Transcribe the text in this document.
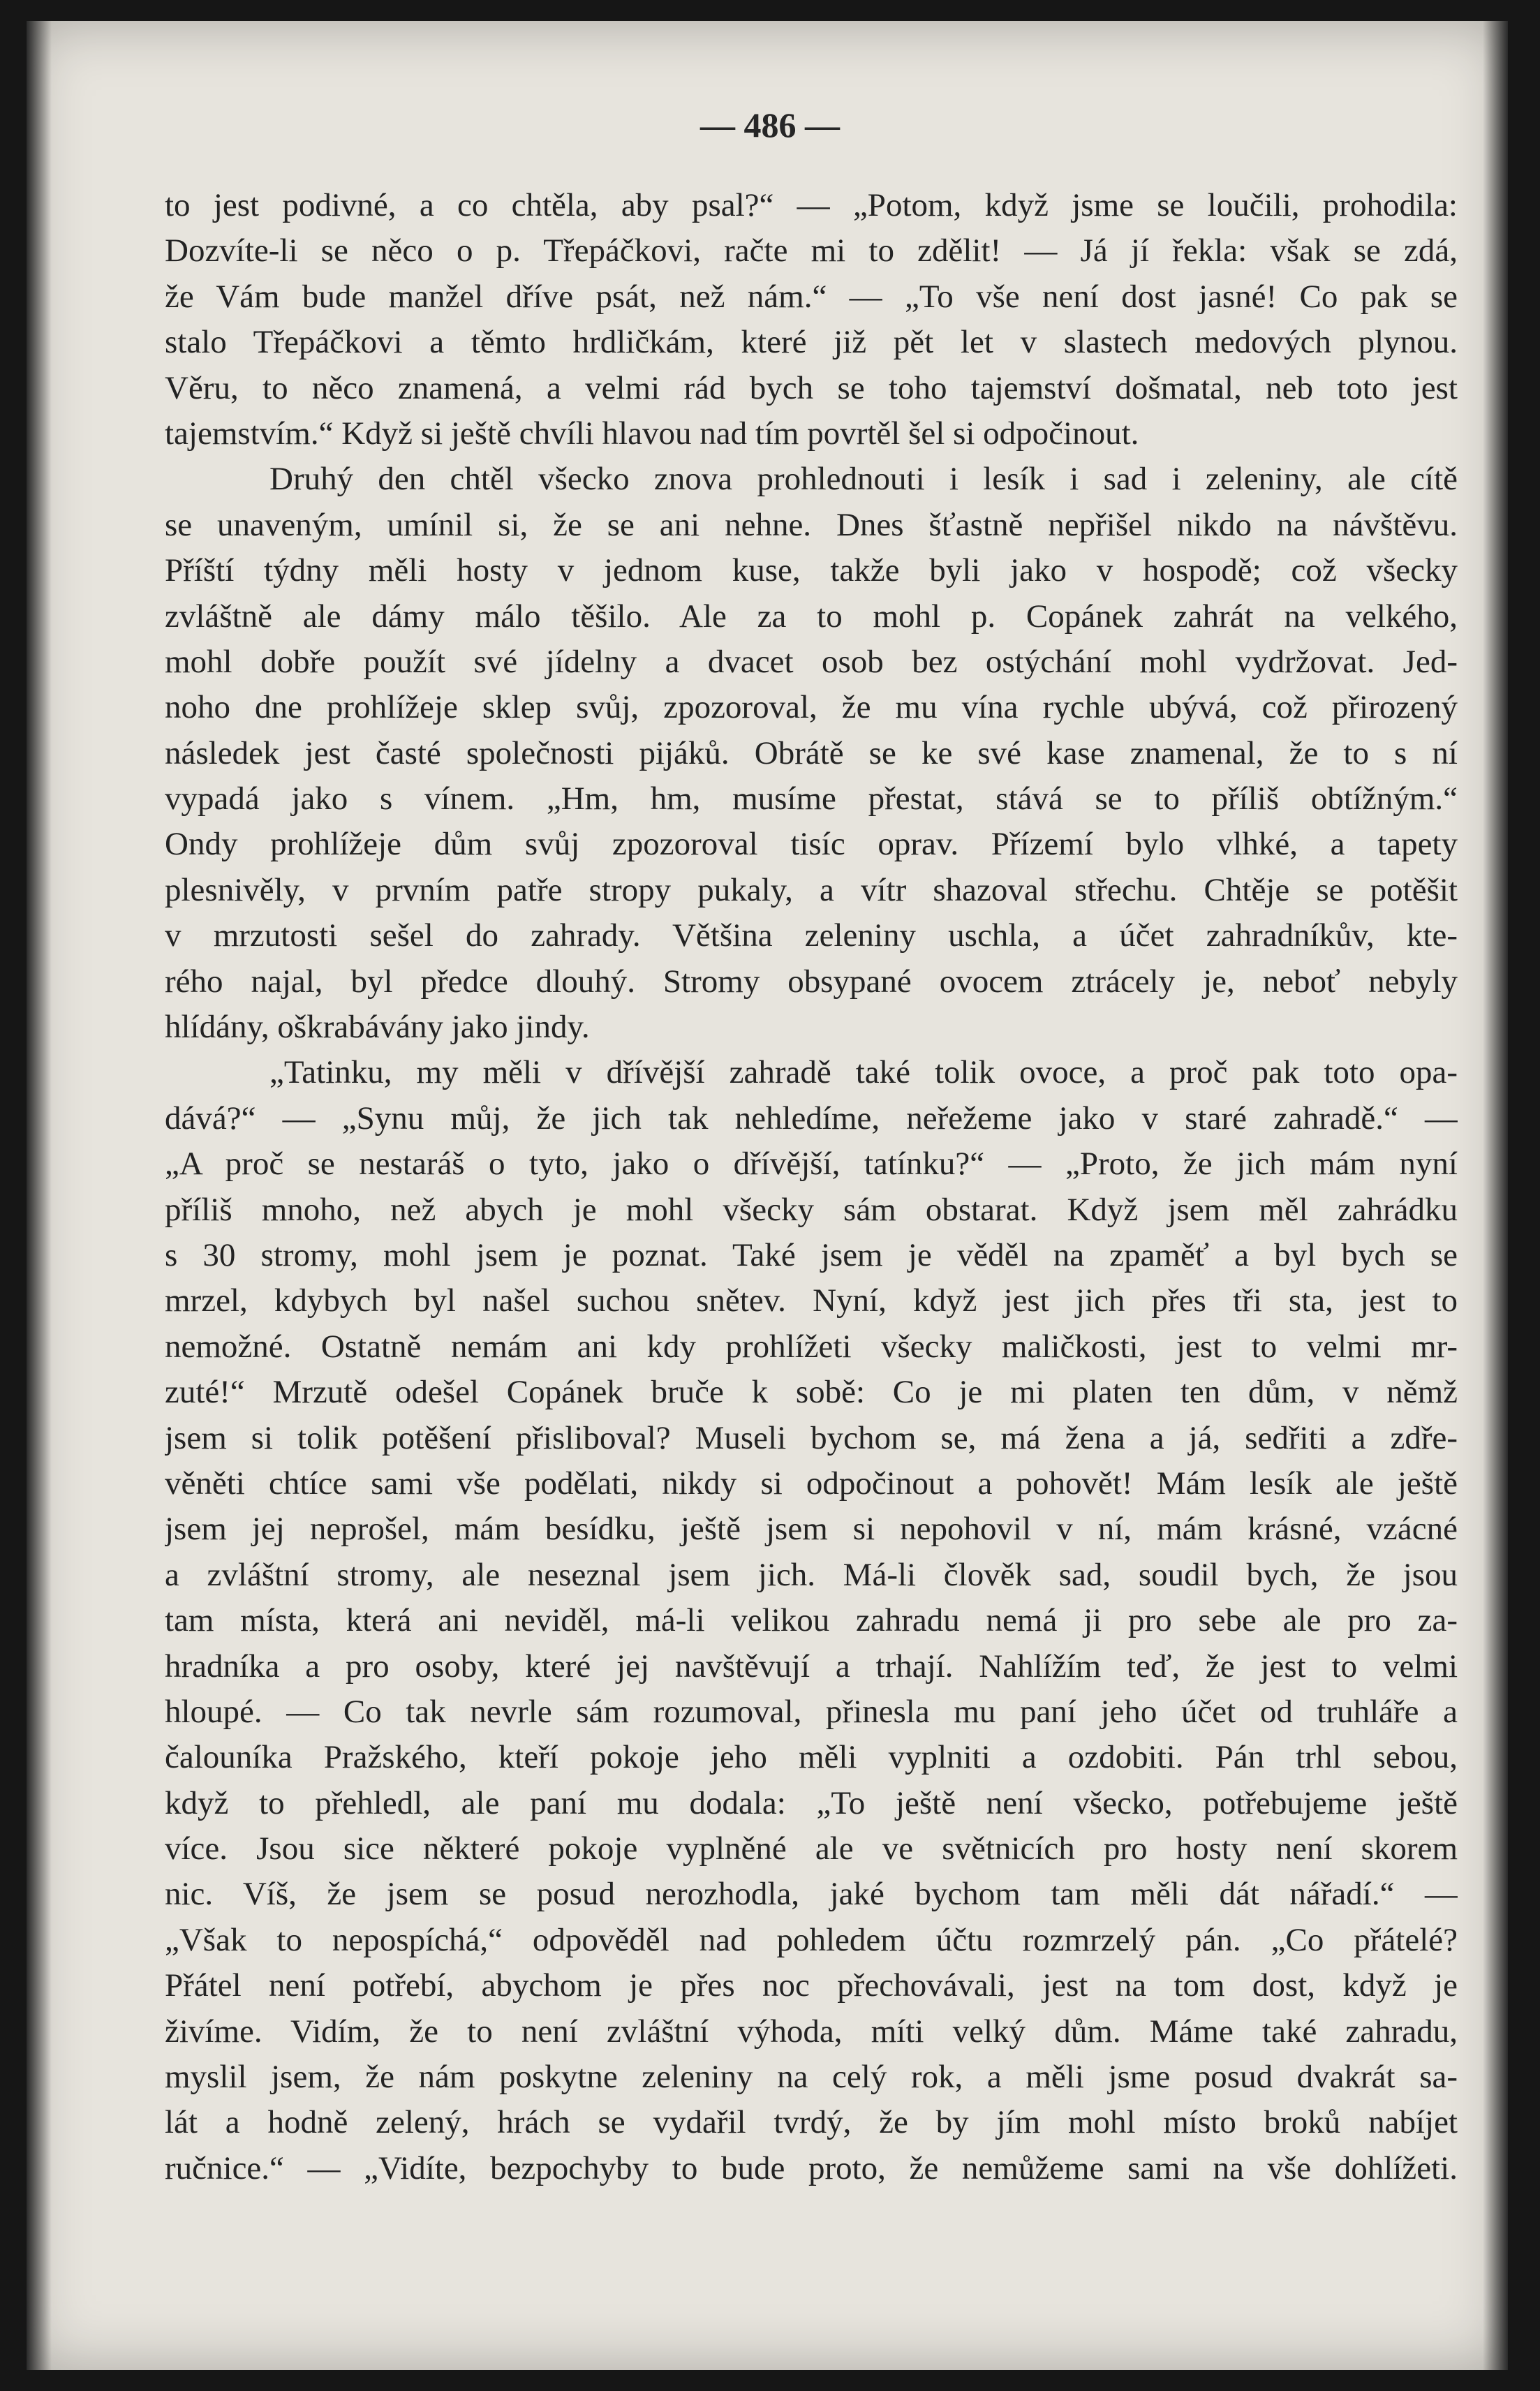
— 486 —
to jest podivné, a co chtěla, aby psal?“ — „Potom, když jsme se loučili, prohodila:
Dozvíte-li se něco o p. Třepáčkovi, račte mi to zdělit! — Já jí řekla: však se zdá,
že Vám bude manžel dříve psát, než nám.“ — „To vše není dost jasné! Co pak se
stalo Třepáčkovi a těmto hrdličkám, které již pět let v slastech medových plynou.
Věru, to něco znamená, a velmi rád bych se toho tajemství došmatal, neb toto jest
tajemstvím.“ Když si ještě chvíli hlavou nad tím povrtěl šel si odpočinout.
Druhý den chtěl všecko znova prohlednouti i lesík i sad i zeleniny, ale cítě
se unaveným, umínil si, že se ani nehne. Dnes šťastně nepřišel nikdo na návštěvu.
Příští týdny měli hosty v jednom kuse, takže byli jako v hospodě; což všecky
zvláštně ale dámy málo těšilo. Ale za to mohl p. Copánek zahrát na velkého,
mohl dobře použít své jídelny a dvacet osob bez ostýchání mohl vydržovat. Jed-
noho dne prohlížeje sklep svůj, zpozoroval, že mu vína rychle ubývá, což přirozený
následek jest časté společnosti pijáků. Obrátě se ke své kase znamenal, že to s ní
vypadá jako s vínem. „Hm, hm, musíme přestat, stává se to příliš obtížným.“
Ondy prohlížeje dům svůj zpozoroval tisíc oprav. Přízemí bylo vlhké, a tapety
plesnivěly, v prvním patře stropy pukaly, a vítr shazoval střechu. Chtěje se potěšit
v mrzutosti sešel do zahrady. Většina zeleniny uschla, a účet zahradníkův, kte-
rého najal, byl předce dlouhý. Stromy obsypané ovocem ztrácely je, neboť nebyly
hlídány, oškrabávány jako jindy.
„Tatinku, my měli v dřívější zahradě také tolik ovoce, a proč pak toto opa-
dává?“ — „Synu můj, že jich tak nehledíme, neřežeme jako v staré zahradě.“ —
„A proč se nestaráš o tyto, jako o dřívější, tatínku?“ — „Proto, že jich mám nyní
příliš mnoho, než abych je mohl všecky sám obstarat. Když jsem měl zahrádku
s 30 stromy, mohl jsem je poznat. Také jsem je věděl na zpaměť a byl bych se
mrzel, kdybych byl našel suchou snětev. Nyní, když jest jich přes tři sta, jest to
nemožné. Ostatně nemám ani kdy prohlížeti všecky maličkosti, jest to velmi mr-
zuté!“ Mrzutě odešel Copánek bruče k sobě: Co je mi platen ten dům, v němž
jsem si tolik potěšení přisliboval? Museli bychom se, má žena a já, sedřiti a zdře-
věněti chtíce sami vše podělati, nikdy si odpočinout a pohovět! Mám lesík ale ještě
jsem jej neprošel, mám besídku, ještě jsem si nepohovil v ní, mám krásné, vzácné
a zvláštní stromy, ale neseznal jsem jich. Má-li člověk sad, soudil bych, že jsou
tam místa, která ani neviděl, má-li velikou zahradu nemá ji pro sebe ale pro za-
hradníka a pro osoby, které jej navštěvují a trhají. Nahlížím teď, že jest to velmi
hloupé. — Co tak nevrle sám rozumoval, přinesla mu paní jeho účet od truhláře a
čalouníka Pražského, kteří pokoje jeho měli vyplniti a ozdobiti. Pán trhl sebou,
když to přehledl, ale paní mu dodala: „To ještě není všecko, potřebujeme ještě
více. Jsou sice některé pokoje vyplněné ale ve světnicích pro hosty není skorem
nic. Víš, že jsem se posud nerozhodla, jaké bychom tam měli dát nářadí.“ —
„Však to nepospíchá,“ odpověděl nad pohledem účtu rozmrzelý pán. „Co přátelé?
Přátel není potřebí, abychom je přes noc přechovávali, jest na tom dost, když je
živíme. Vidím, že to není zvláštní výhoda, míti velký dům. Máme také zahradu,
myslil jsem, že nám poskytne zeleniny na celý rok, a měli jsme posud dvakrát sa-
lát a hodně zelený, hrách se vydařil tvrdý, že by jím mohl místo broků nabíjet
ručnice.“ — „Vidíte, bezpochyby to bude proto, že nemůžeme sami na vše dohlížeti.
